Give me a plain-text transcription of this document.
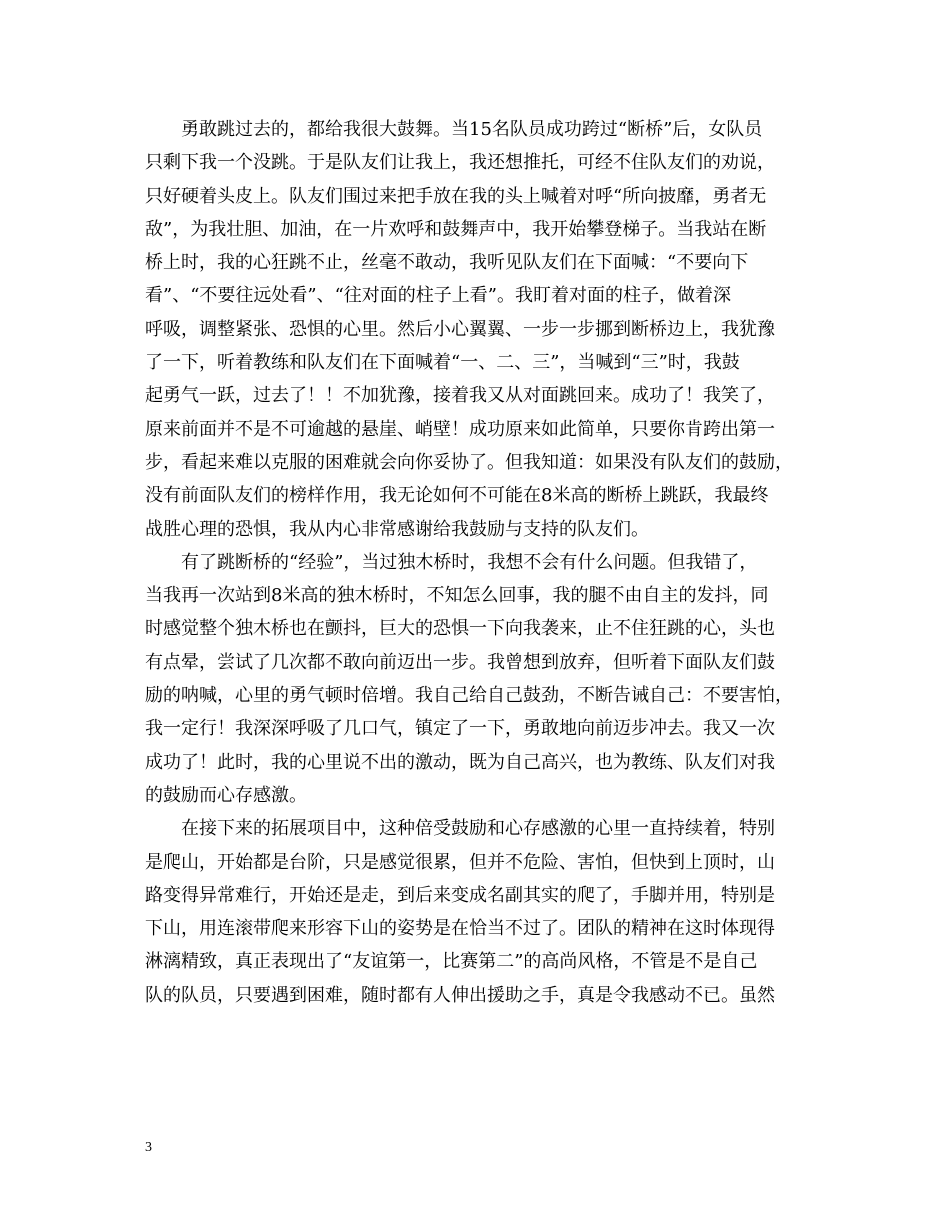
勇敢跳过去的，都给我很大鼓舞。当15名队员成功跨过“断桥”后，女队员
只剩下我一个没跳。于是队友们让我上，我还想推托，可经不住队友们的劝说，
只好硬着头皮上。队友们围过来把手放在我的头上喊着对呼“所向披靡，勇者无
敌”，为我壮胆、加油，在一片欢呼和鼓舞声中，我开始攀登梯子。当我站在断
桥上时，我的心狂跳不止，丝毫不敢动，我听见队友们在下面喊：“不要向下
看”、“不要往远处看”、“往对面的柱子上看”。我盯着对面的柱子，做着深
呼吸，调整紧张、恐惧的心里。然后小心翼翼、一步一步挪到断桥边上，我犹豫
了一下，听着教练和队友们在下面喊着“一、二、三”，当喊到“三”时，我鼓
起勇气一跃，过去了！！不加犹豫，接着我又从对面跳回来。成功了！我笑了，
原来前面并不是不可逾越的悬崖、峭壁！成功原来如此简单，只要你肯跨出第一
步，看起来难以克服的困难就会向你妥协了。但我知道：如果没有队友们的鼓励，
没有前面队友们的榜样作用，我无论如何不可能在8米高的断桥上跳跃，我最终
战胜心理的恐惧，我从内心非常感谢给我鼓励与支持的队友们。
有了跳断桥的“经验”，当过独木桥时，我想不会有什么问题。但我错了，
当我再一次站到8米高的独木桥时，不知怎么回事，我的腿不由自主的发抖，同
时感觉整个独木桥也在颤抖，巨大的恐惧一下向我袭来，止不住狂跳的心，头也
有点晕，尝试了几次都不敢向前迈出一步。我曾想到放弃，但听着下面队友们鼓
励的呐喊，心里的勇气顿时倍增。我自己给自己鼓劲，不断告诫自己：不要害怕，
我一定行！我深深呼吸了几口气，镇定了一下，勇敢地向前迈步冲去。我又一次
成功了！此时，我的心里说不出的激动，既为自己高兴，也为教练、队友们对我
的鼓励而心存感激。
在接下来的拓展项目中，这种倍受鼓励和心存感激的心里一直持续着，特别
是爬山，开始都是台阶，只是感觉很累，但并不危险、害怕，但快到上顶时，山
路变得异常难行，开始还是走，到后来变成名副其实的爬了，手脚并用，特别是
下山，用连滚带爬来形容下山的姿势是在恰当不过了。团队的精神在这时体现得
淋漓精致，真正表现出了“友谊第一，比赛第二”的高尚风格，不管是不是自己
队的队员，只要遇到困难，随时都有人伸出援助之手，真是令我感动不已。虽然
3
